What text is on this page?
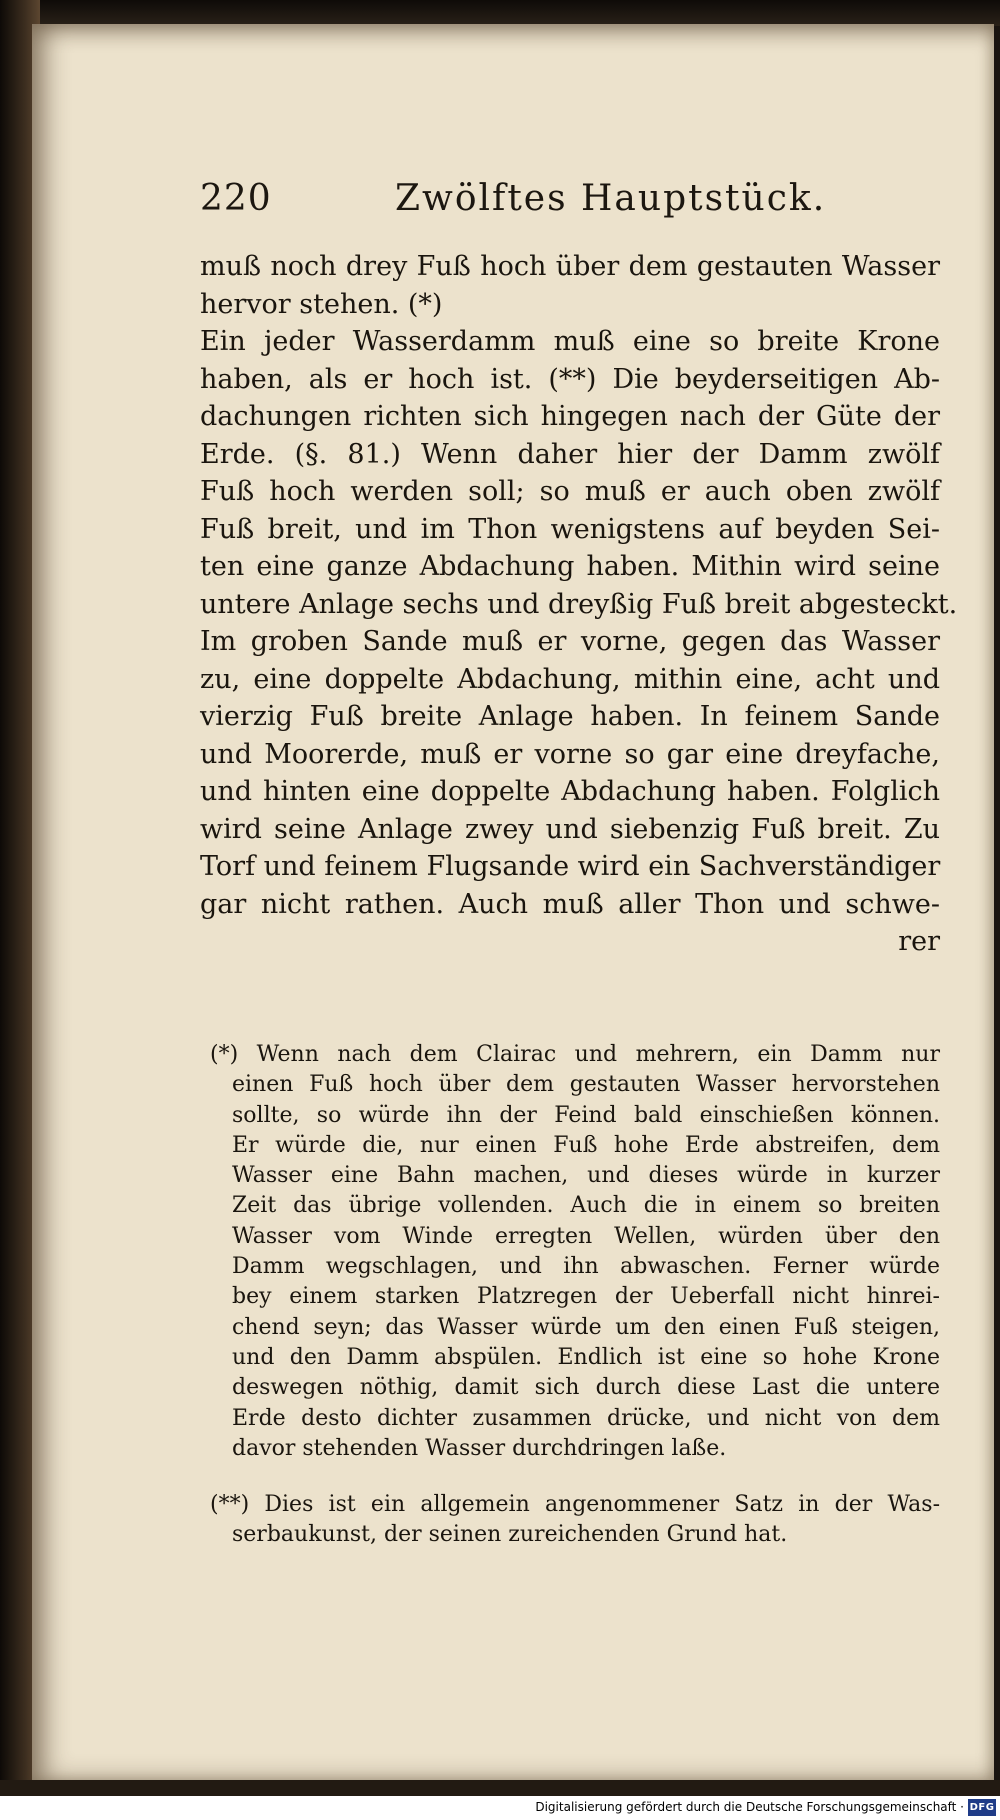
220	Zwölftes Hauptstück.
muß noch drey Fuß hoch über dem gestauten Wasser
hervor stehen. (*)
Ein jeder Wasserdamm muß eine so breite Krone
haben, als er hoch ist. (**) Die beyderseitigen Ab-
dachungen richten sich hingegen nach der Güte der
Erde. (§. 81.) Wenn daher hier der Damm zwölf
Fuß hoch werden soll; so muß er auch oben zwölf
Fuß breit, und im Thon wenigstens auf beyden Sei-
ten eine ganze Abdachung haben. Mithin wird seine
untere Anlage sechs und dreyßig Fuß breit abgesteckt.
Im groben Sande muß er vorne, gegen das Wasser
zu, eine doppelte Abdachung, mithin eine, acht und
vierzig Fuß breite Anlage haben. In feinem Sande
und Moorerde, muß er vorne so gar eine dreyfache,
und hinten eine doppelte Abdachung haben. Folglich
wird seine Anlage zwey und siebenzig Fuß breit. Zu
Torf und feinem Flugsande wird ein Sachverständiger
gar nicht rathen. Auch muß aller Thon und schwe-
rer
(*) Wenn nach dem Clairac und mehrern, ein Damm nur
einen Fuß hoch über dem gestauten Wasser hervorstehen
sollte, so würde ihn der Feind bald einschießen können.
Er würde die, nur einen Fuß hohe Erde abstreifen, dem
Wasser eine Bahn machen, und dieses würde in kurzer
Zeit das übrige vollenden. Auch die in einem so breiten
Wasser vom Winde erregten Wellen, würden über den
Damm wegschlagen, und ihn abwaschen. Ferner würde
bey einem starken Platzregen der Ueberfall nicht hinrei-
chend seyn; das Wasser würde um den einen Fuß steigen,
und den Damm abspülen. Endlich ist eine so hohe Krone
deswegen nöthig, damit sich durch diese Last die untere
Erde desto dichter zusammen drücke, und nicht von dem
davor stehenden Wasser durchdringen laße.
(**) Dies ist ein allgemein angenommener Satz in der Was-
serbaukunst, der seinen zureichenden Grund hat.
Digitalisierung gefördert durch die Deutsche Forschungsgemeinschaft · DFG
